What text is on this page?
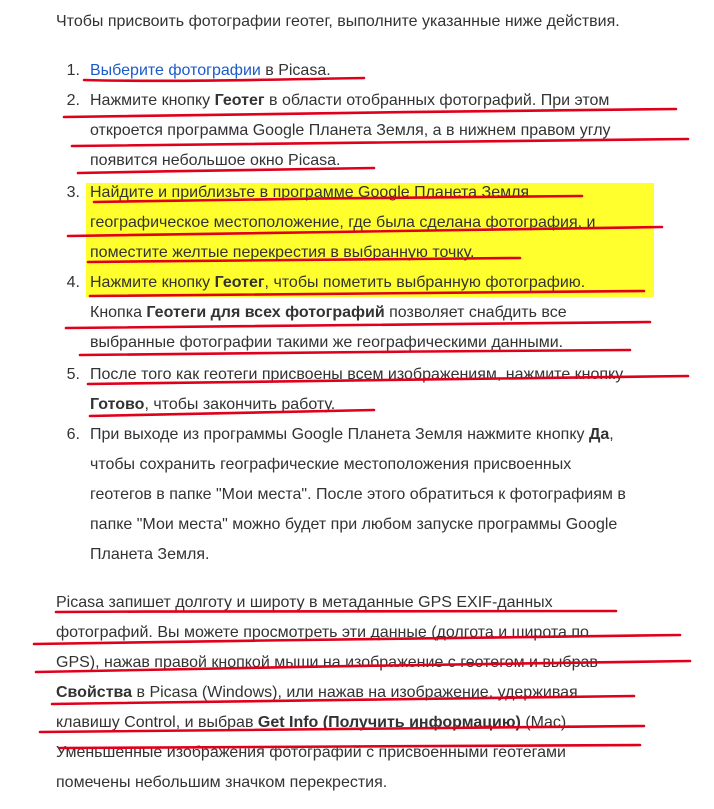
Чтобы присвоить фотографии геотег, выполните указанные ниже действия.
1. Выберите фотографии в Picasa.
2. Нажмите кнопку Геотег в области отобранных фотографий. При этом
откроется программа Google Планета Земля, а в нижнем правом углу
появится небольшое окно Picasa.
3. Найдите и приблизьте в программе Google Планета Земля
географическое местоположение, где была сделана фотография, и
поместите желтые перекрестия в выбранную точку.
4. Нажмите кнопку Геотег, чтобы пометить выбранную фотографию.
Кнопка Геотеги для всех фотографий позволяет снабдить все
выбранные фотографии такими же географическими данными.
5. После того как геотеги присвоены всем изображениям, нажмите кнопку
Готово, чтобы закончить работу.
6. При выходе из программы Google Планета Земля нажмите кнопку Да,
чтобы сохранить географические местоположения присвоенных
геотегов в папке "Мои места". После этого обратиться к фотографиям в
папке "Мои места" можно будет при любом запуске программы Google
Планета Земля.
Picasa запишет долготу и широту в метаданные GPS EXIF-данных
фотографий. Вы можете просмотреть эти данные (долгота и широта по
GPS), нажав правой кнопкой мыши на изображение с геотегом и выбрав
Свойства в Picasa (Windows), или нажав на изображение, удерживая
клавишу Control, и выбрав Get Info (Получить информацию) (Mac).
Уменьшенные изображения фотографий с присвоенными геотегами
помечены небольшим значком перекрестия.
